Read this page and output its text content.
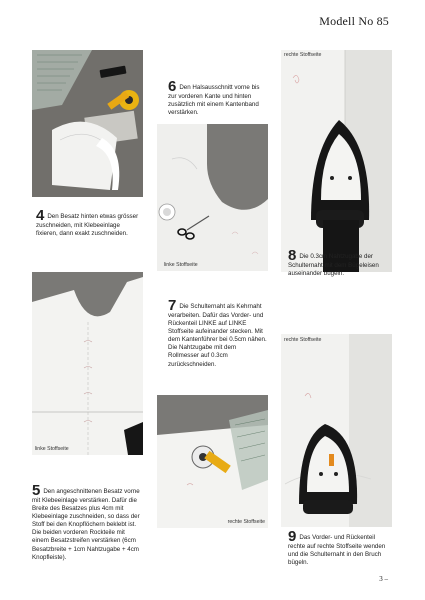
Modell No 85
linke Stoffseite
rechte Stoffseite
linke Stoffseite
rechte Stoffseite
rechte Stoffseite
4 Den Besatz hinten etwas grösser zuschneiden, mit Klebeeinlage fixieren, dann exakt zuschneiden.
6 Den Halsausschnitt vorne bis zur vorderen Kante und hinten zusätzlich mit einem Kantenband verstärken.
8 Die 0.3cm Nahtzugabe der Schulternaht mit dem Bügeleisen auseinander bügeln.
7 Die Schulternaht als Kehrnaht verarbeiten. Dafür das Vorder- und Rückenteil LINKE auf LINKE Stoffseite aufeinander stecken. Mit dem Kantenführer bei 0.5cm nähen. Die Nahtzugabe mit dem Rollmesser auf 0.3cm zurückschneiden.
5 Den angeschnittenen Besatz vorne mit Klebeeinlage verstärken. Dafür die Breite des Besatzes plus 4cm mit Klebeeinlage zuschneiden, so dass der Stoff bei den Knopflöchern beklebt ist. Die beiden vorderen Rockteile mit einem Besatzstreifen verstärken (6cm Besatzbreite + 1cm Nahtzugabe + 4cm Knopfleiste).
9 Das Vorder- und Rückenteil rechte auf rechte Stoffseite wenden und die Schulternaht in den Bruch bügeln.
3 –
